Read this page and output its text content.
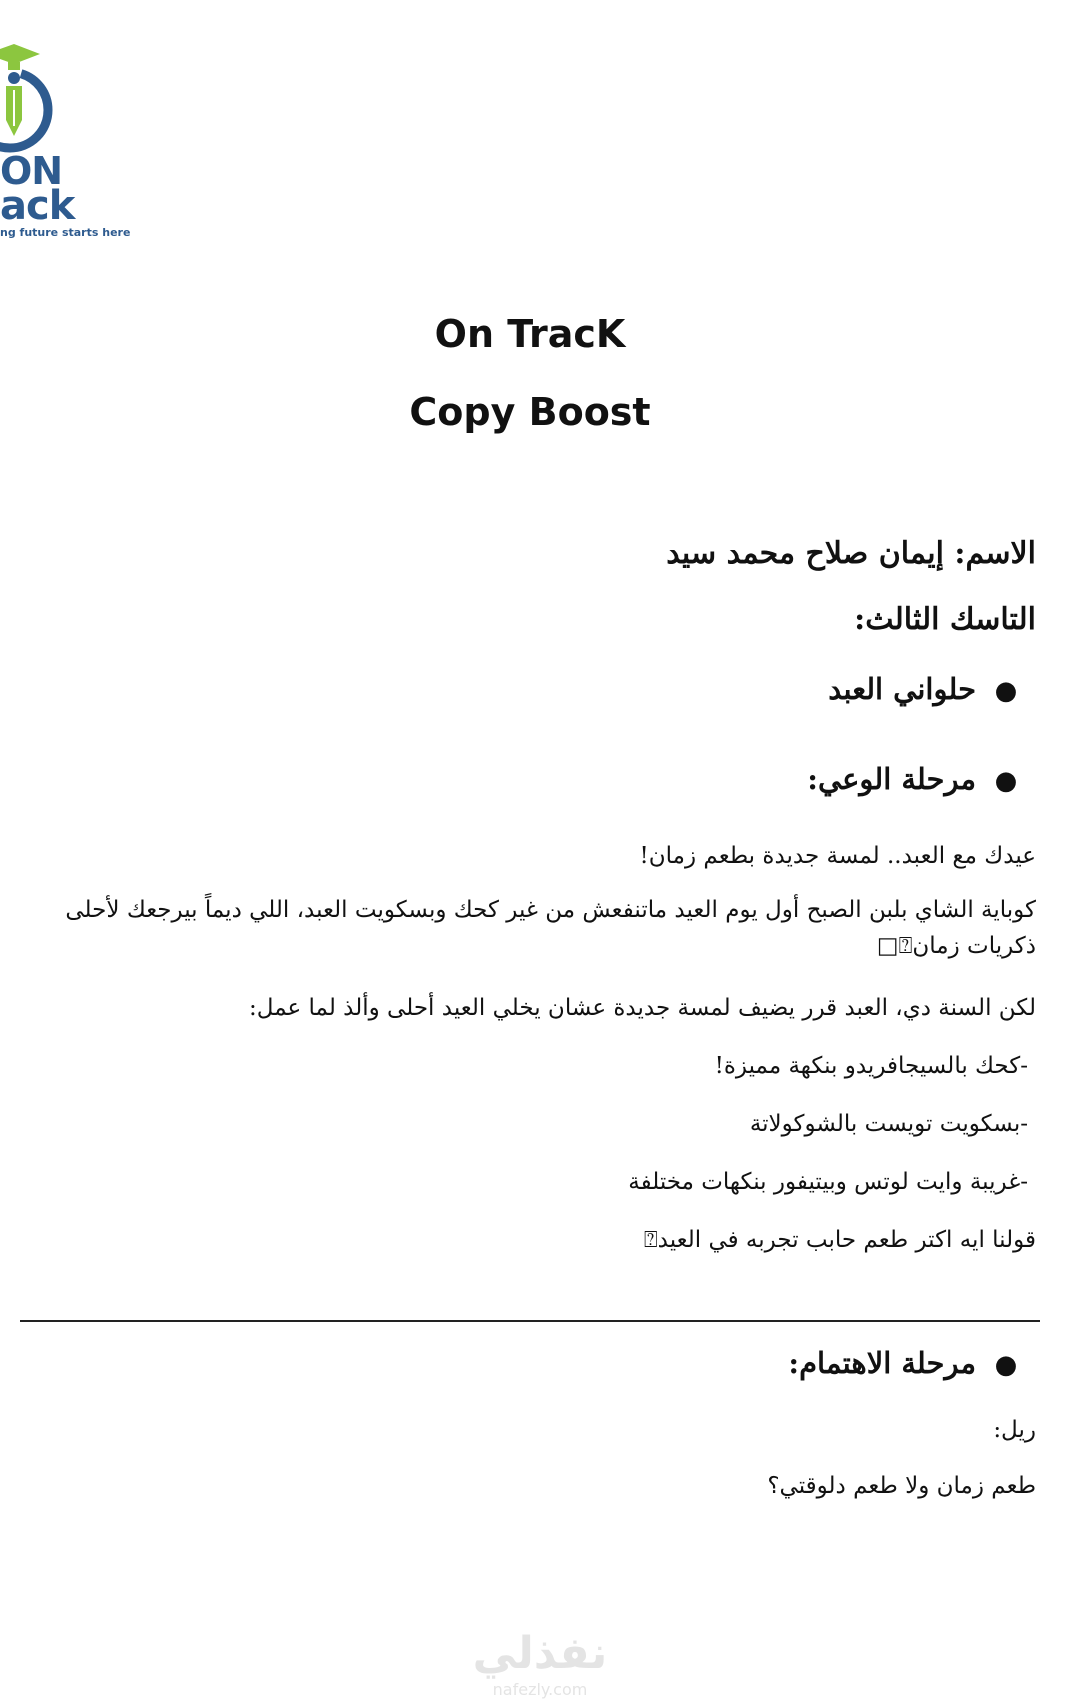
ON
ack
ng future starts here
On TracK
Copy Boost
الاسم: إيمان صلاح محمد سيد
التاسك الثالث:
●حلواني العبد
●مرحلة الوعي:
عيدك مع العبد.. لمسة جديدة بطعم زمان!
كوباية الشاي بلبن الصبح أول يوم العيد ماتنفعش من غير كحك وبسكويت العبد، اللي ديماً بيرجعك لأحلى ذكريات زمان⍰□
لكن السنة دي، العبد قرر يضيف لمسة جديدة عشان يخلي العيد أحلى وألذ لما عمل:
-كحك بالسيجافريدو بنكهة مميزة!
-بسكويت تويست بالشوكولاتة
-غريبة وايت لوتس وبيتيفور بنكهات مختلفة
قولنا ايه اكتر طعم حابب تجربه في العيد⍰
●مرحلة الاهتمام:
ريل:
طعم زمان ولا طعم دلوقتي؟
نفذلي
nafezly.com
